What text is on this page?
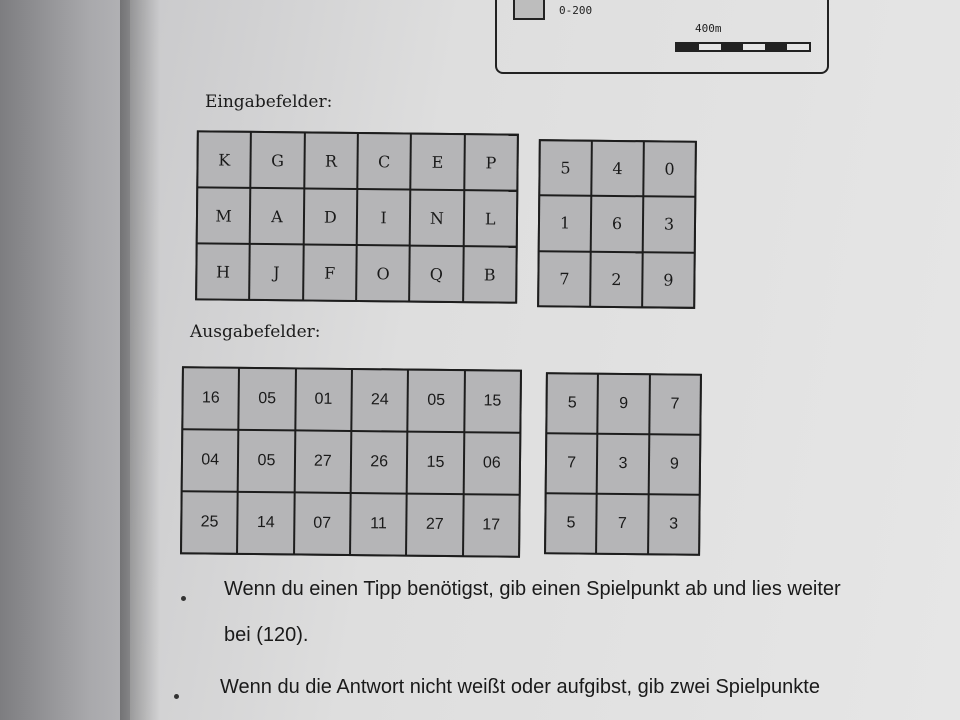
0-200
400m
Eingabefelder:
K	G	R	C	E	P
M	A	D	I	N	L
H	J	F	O	Q	B
5	4	0
1	6	3
7	2	9
Ausgabefelder:
16	05	01	24	05	15
04	05	27	26	15	06
25	14	07	11	27	17
5	9	7
7	3	9
5	7	3
Wenn du einen Tipp benötigst, gib einen Spielpunkt ab und lies weiter
bei (120).
Wenn du die Antwort nicht weißt oder aufgibst, gib zwei Spielpunkte
